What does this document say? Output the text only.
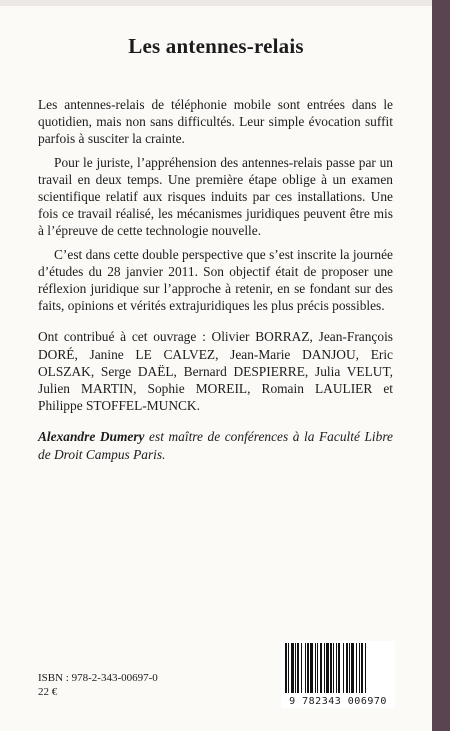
Les antennes-relais

Les antennes-relais de téléphonie mobile sont entrées dans le quotidien, mais non sans difficultés. Leur simple évocation suffit parfois à susciter la crainte.

Pour le juriste, l’appréhension des antennes-relais passe par un travail en deux temps. Une première étape oblige à un examen scientifique relatif aux risques induits par ces installations. Une fois ce travail réalisé, les mécanismes juridiques peuvent être mis à l’épreuve de cette technologie nouvelle.

C’est dans cette double perspective que s’est inscrite la journée d’études du 28 janvier 2011. Son objectif était de proposer une réflexion juridique sur l’approche à retenir, en se fondant sur des faits, opinions et vérités extrajuridiques les plus précis possibles.

Ont contribué à cet ouvrage : Olivier BORRAZ, Jean-François DORÉ, Janine LE CALVEZ, Jean-Marie DANJOU, Eric OLSZAK, Serge DAËL, Bernard DESPIERRE, Julia VELUT, Julien MARTIN, Sophie MOREIL, Romain LAULIER et Philippe STOFFEL-MUNCK.

Alexandre Dumery est maître de conférences à la Faculté Libre de Droit Campus Paris.

ISBN : 978-2-343-00697-0
22 €
9 782343 006970
